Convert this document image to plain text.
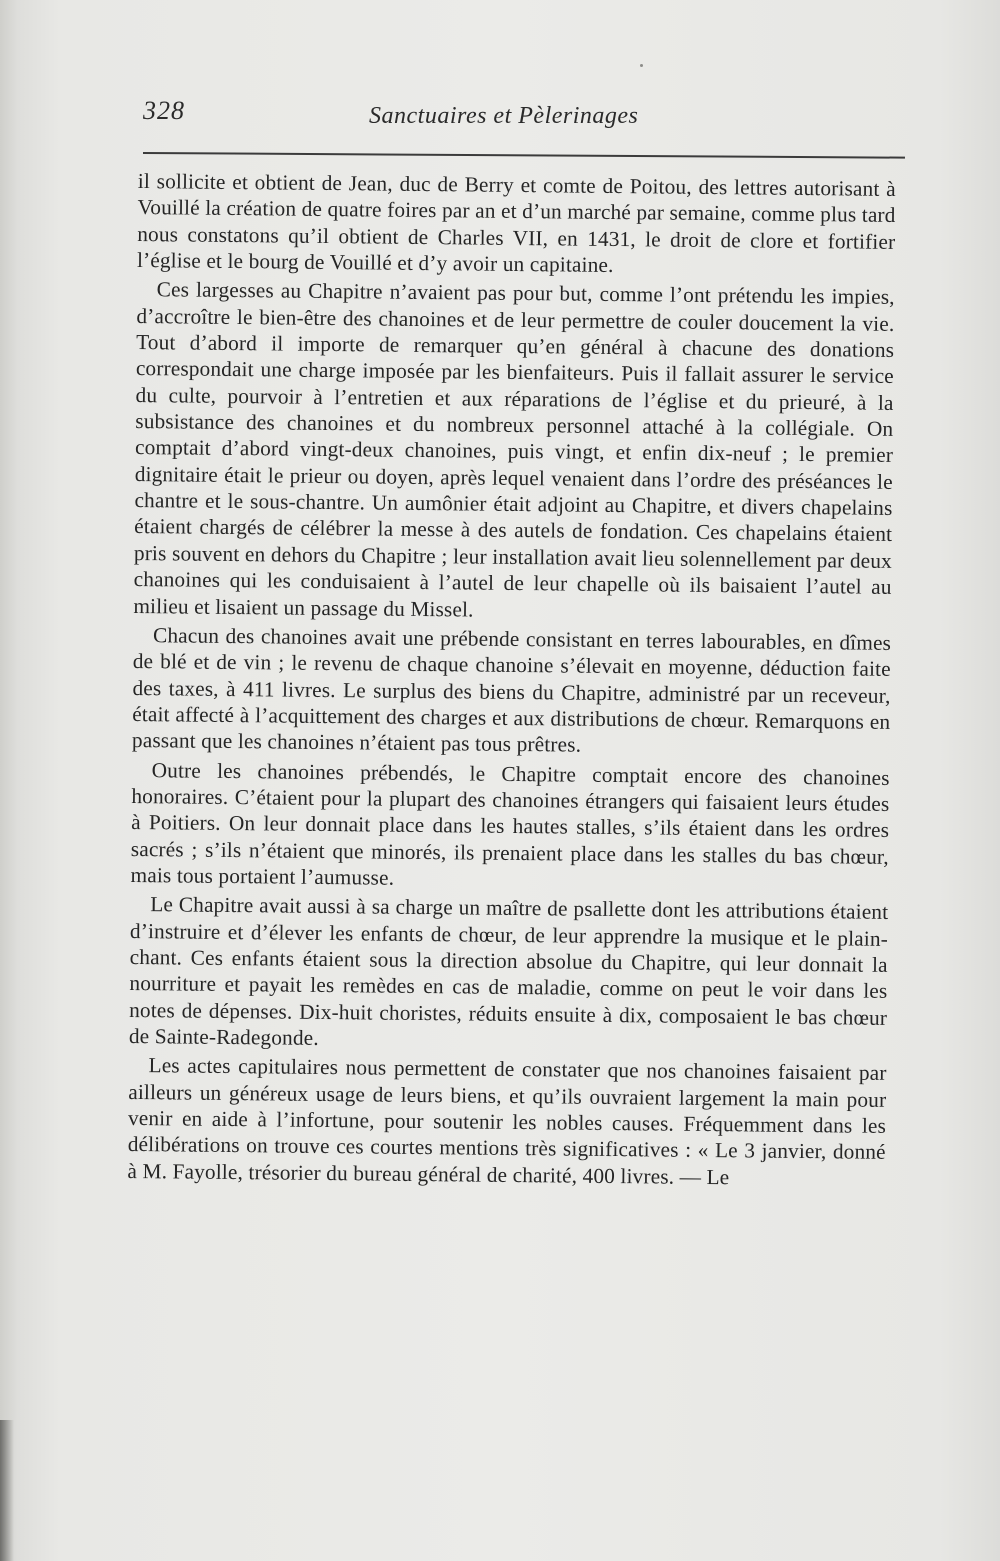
328	Sanctuaires et Pèlerinages

il sollicite et obtient de Jean, duc de Berry et comte de Poitou, des lettres autorisant à Vouillé la création de quatre foires par an et d’un marché par semaine, comme plus tard nous constatons qu’il obtient de Charles VII, en 1431, le droit de clore et fortifier l’église et le bourg de Vouillé et d’y avoir un capitaine.

Ces largesses au Chapitre n’avaient pas pour but, comme l’ont prétendu les impies, d’accroître le bien-être des chanoines et de leur permettre de couler doucement la vie. Tout d’abord il importe de remarquer qu’en général à chacune des donations correspondait une charge imposée par les bienfaiteurs. Puis il fallait assurer le service du culte, pourvoir à l’entretien et aux réparations de l’église et du prieuré, à la subsistance des chanoines et du nombreux personnel attaché à la collégiale. On comptait d’abord vingt-deux chanoines, puis vingt, et enfin dix-neuf ; le premier dignitaire était le prieur ou doyen, après lequel venaient dans l’ordre des préséances le chantre et le sous-chantre. Un aumônier était adjoint au Chapitre, et divers chapelains étaient chargés de célébrer la messe à des autels de fondation. Ces chapelains étaient pris souvent en dehors du Chapitre ; leur installation avait lieu solennellement par deux chanoines qui les conduisaient à l’autel de leur chapelle où ils baisaient l’autel au milieu et lisaient un passage du Missel.

Chacun des chanoines avait une prébende consistant en terres labourables, en dîmes de blé et de vin ; le revenu de chaque chanoine s’élevait en moyenne, déduction faite des taxes, à 411 livres. Le surplus des biens du Chapitre, administré par un receveur, était affecté à l’acquittement des charges et aux distributions de chœur. Remarquons en passant que les chanoines n’étaient pas tous prêtres.

Outre les chanoines prébendés, le Chapitre comptait encore des chanoines honoraires. C’étaient pour la plupart des chanoines étrangers qui faisaient leurs études à Poitiers. On leur donnait place dans les hautes stalles, s’ils étaient dans les ordres sacrés ; s’ils n’étaient que minorés, ils prenaient place dans les stalles du bas chœur, mais tous portaient l’aumusse.

Le Chapitre avait aussi à sa charge un maître de psallette dont les attributions étaient d’instruire et d’élever les enfants de chœur, de leur apprendre la musique et le plain-chant. Ces enfants étaient sous la direction absolue du Chapitre, qui leur donnait la nourriture et payait les remèdes en cas de maladie, comme on peut le voir dans les notes de dépenses. Dix-huit choristes, réduits ensuite à dix, composaient le bas chœur de Sainte-Radegonde.

Les actes capitulaires nous permettent de constater que nos chanoines faisaient par ailleurs un généreux usage de leurs biens, et qu’ils ouvraient largement la main pour venir en aide à l’infortune, pour soutenir les nobles causes. Fréquemment dans les délibérations on trouve ces courtes mentions très significatives : « Le 3 janvier, donné à M. Fayolle, trésorier du bureau général de charité, 400 livres. — Le
